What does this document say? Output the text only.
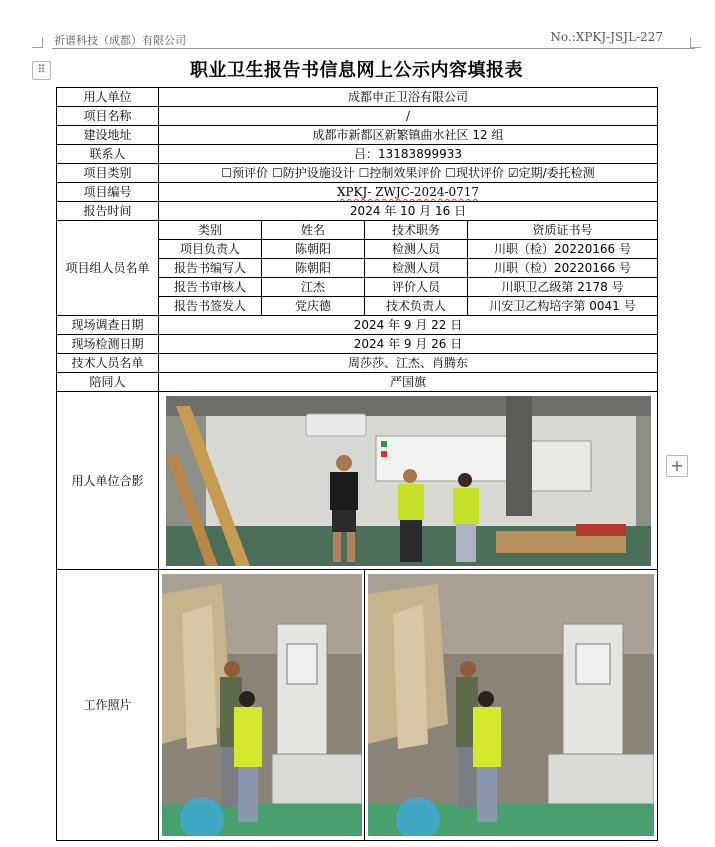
祈谱科技（成都）有限公司	No.:XPKJ-JSJL-227
⠿
+
职业卫生报告书信息网上公示内容填报表
用人单位	成都申正卫浴有限公司			
项目名称	/			
建设地址	成都市新都区新繁镇曲水社区 12 组			
联系人	吕：13183899933			
项目类别	☐预评价 ☐防护设施设计 ☐控制效果评价 ☐现状评价 ☑定期/委托检测			
项目编号	XPKJ- ZWJC-2024-0717			
报告时间	2024 年 10 月 16 日			
项目组人员名单	类别	姓名	技术职务	资质证书号
	项目负责人	陈朝阳	检测人员	川职（检）20220166 号
	报告书编写人	陈朝阳	检测人员	川职（检）20220166 号
	报告书审核人	江杰	评价人员	川职卫乙级第 2178 号
	报告书签发人	党庆德	技术负责人	川安卫乙构培字第 0041 号
现场调查日期	2024 年 9 月 22 日			
现场检测日期	2024 年 9 月 26 日			
技术人员名单	周莎莎、江杰、肖腾东			
陪同人	严国旗			
用人单位合影	

工作照片	
